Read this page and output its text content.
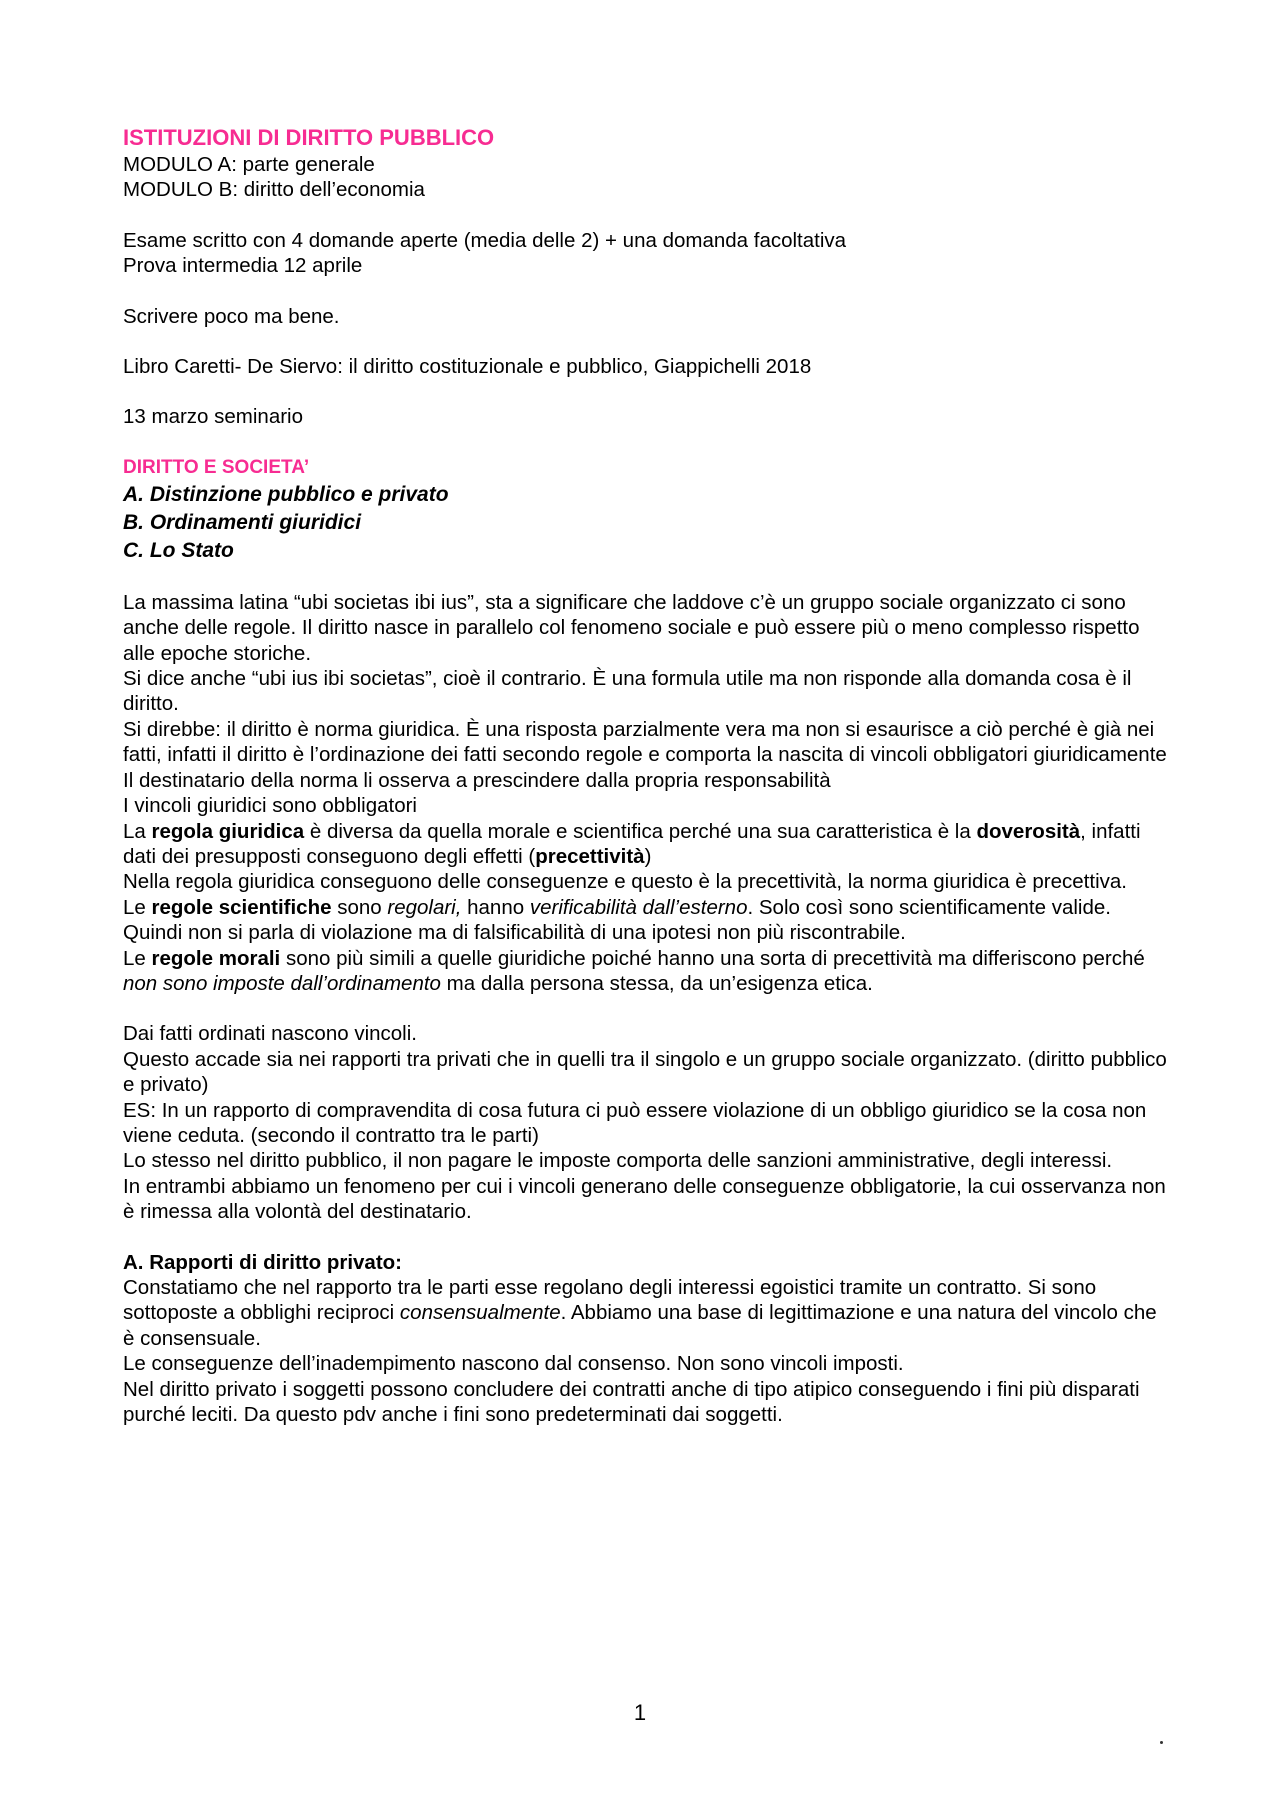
ISTITUZIONI DI DIRITTO PUBBLICO

MODULO A: parte generale

MODULO B: diritto dell’economia

Esame scritto con 4 domande aperte (media delle 2) + una domanda facoltativa

Prova intermedia 12 aprile

Scrivere poco ma bene.

Libro Caretti- De Siervo: il diritto costituzionale e pubblico, Giappichelli 2018

13 marzo seminario

DIRITTO E SOCIETA’

A. Distinzione pubblico e privato

B. Ordinamenti giuridici

C. Lo Stato

La massima latina “ubi societas ibi ius”, sta a significare che laddove c’è un gruppo sociale organizzato ci sono anche delle regole. Il diritto nasce in parallelo col fenomeno sociale e può essere più o meno complesso rispetto alle epoche storiche.

Si dice anche “ubi ius ibi societas”, cioè il contrario. È una formula utile ma non risponde alla domanda cosa è il diritto.

Si direbbe: il diritto è norma giuridica. È una risposta parzialmente vera ma non si esaurisce a ciò perché è già nei fatti, infatti il diritto è l’ordinazione dei fatti secondo regole e comporta la nascita di vincoli obbligatori giuridicamente

Il destinatario della norma li osserva a prescindere dalla propria responsabilità

I vincoli giuridici sono obbligatori

La regola giuridica è diversa da quella morale e scientifica perché una sua caratteristica è la doverosità, infatti dati dei presupposti conseguono degli effetti (precettività)

Nella regola giuridica conseguono delle conseguenze e questo è la precettività, la norma giuridica è precettiva.

Le regole scientifiche sono regolari, hanno verificabilità dall’esterno. Solo così sono scientificamente valide. Quindi non si parla di violazione ma di falsificabilità di una ipotesi non più riscontrabile.

Le regole morali sono più simili a quelle giuridiche poiché hanno una sorta di precettività ma differiscono perché non sono imposte dall’ordinamento ma dalla persona stessa, da un’esigenza etica.

Dai fatti ordinati nascono vincoli.

Questo accade sia nei rapporti tra privati che in quelli tra il singolo e un gruppo sociale organizzato. (diritto pubblico e privato)

ES: In un rapporto di compravendita di cosa futura ci può essere violazione di un obbligo giuridico se la cosa non viene ceduta. (secondo il contratto tra le parti)

Lo stesso nel diritto pubblico, il non pagare le imposte comporta delle sanzioni amministrative, degli interessi.

In entrambi abbiamo un fenomeno per cui i vincoli generano delle conseguenze obbligatorie, la cui osservanza non è rimessa alla volontà del destinatario.

A. Rapporti di diritto privato:

Constatiamo che nel rapporto tra le parti esse regolano degli interessi egoistici tramite un contratto. Si sono sottoposte a obblighi reciproci consensualmente. Abbiamo una base di legittimazione e una natura del vincolo che è consensuale.

Le conseguenze dell’inadempimento nascono dal consenso. Non sono vincoli imposti.

Nel diritto privato i soggetti possono concludere dei contratti anche di tipo atipico conseguendo i fini più disparati purché leciti. Da questo pdv anche i fini sono predeterminati dai soggetti.

1
